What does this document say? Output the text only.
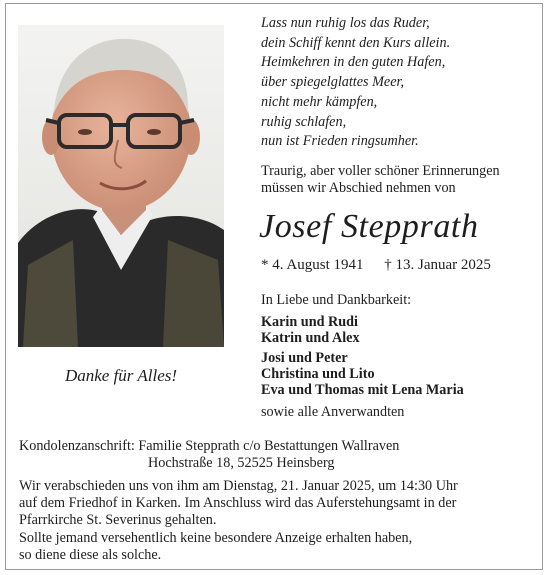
Danke für Alles!
Lass nun ruhig los das Ruder,
dein Schiff kennt den Kurs allein.
Heimkehren in den guten Hafen,
über spiegelglattes Meer,
nicht mehr kämpfen,
ruhig schlafen,
nun ist Frieden ringsumher.
Traurig, aber voller schöner Erinnerungen
müssen wir Abschied nehmen von
Josef Stepprath
* 4. August 1941 † 13. Januar 2025
In Liebe und Dankbarkeit:
Karin und Rudi
Katrin und Alex
Josi und Peter
Christina und Lito
Eva und Thomas mit Lena Maria
sowie alle Anverwandten
Kondolenzanschrift: Familie Stepprath c/o Bestattungen Wallraven
Hochstraße 18, 52525 Heinsberg
Wir verabschieden uns von ihm am Dienstag, 21. Januar 2025, um 14:30 Uhr
auf dem Friedhof in Karken. Im Anschluss wird das Auferstehungsamt in der
Pfarrkirche St. Severinus gehalten.
Sollte jemand versehentlich keine besondere Anzeige erhalten haben,
so diene diese als solche.
